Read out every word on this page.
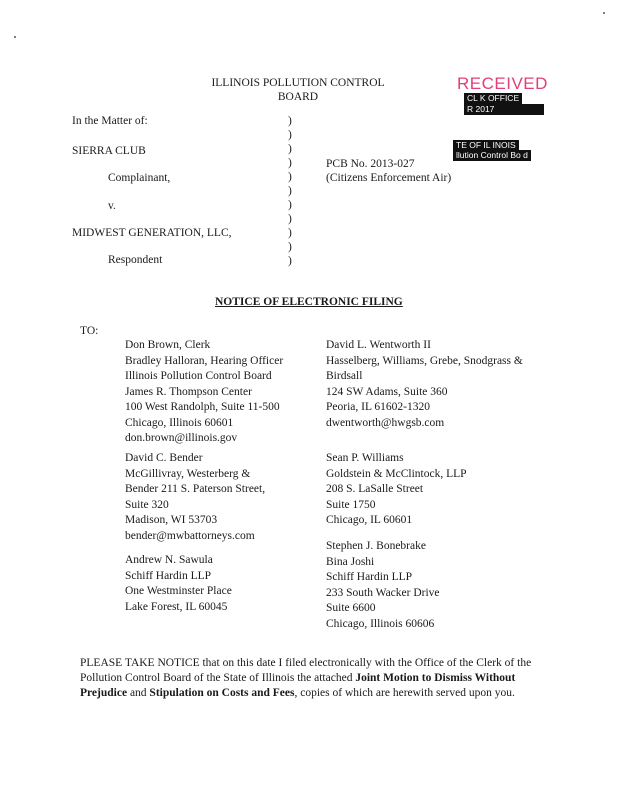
ILLINOIS POLLUTION CONTROL
BOARD
RECEIVED
CL K OFFICE
R 2017
TE OF IL INOIS
llution Control Bo d
In the Matter of:
SIERRA CLUB
Complainant,
v.
MIDWEST GENERATION, LLC,
Respondent
)
)
)
)
)
)
)
)
)
)
)
PCB No. 2013-027
(Citizens Enforcement Air)
NOTICE OF ELECTRONIC FILING
TO:
Don Brown, Clerk
Bradley Halloran, Hearing Officer
Illinois Pollution Control Board
James R. Thompson Center
100 West Randolph, Suite 11-500
Chicago, Illinois 60601
don.brown@illinois.gov
David C. Bender
McGillivray, Westerberg &
Bender 211 S. Paterson Street,
Suite 320
Madison, WI 53703
bender@mwbattorneys.com
Andrew N. Sawula
Schiff Hardin LLP
One Westminster Place
Lake Forest, IL 60045
David L. Wentworth II
Hasselberg, Williams, Grebe, Snodgrass &
Birdsall
124 SW Adams, Suite 360
Peoria, IL 61602-1320
dwentworth@hwgsb.com
Sean P. Williams
Goldstein & McClintock, LLP
208 S. LaSalle Street
Suite 1750
Chicago, IL 60601
Stephen J. Bonebrake
Bina Joshi
Schiff Hardin LLP
233 South Wacker Drive
Suite 6600
Chicago, Illinois 60606
PLEASE TAKE NOTICE that on this date I filed electronically with the Office of the Clerk of the Pollution Control Board of the State of Illinois the attached Joint Motion to Dismiss Without Prejudice and Stipulation on Costs and Fees, copies of which are herewith served upon you.
